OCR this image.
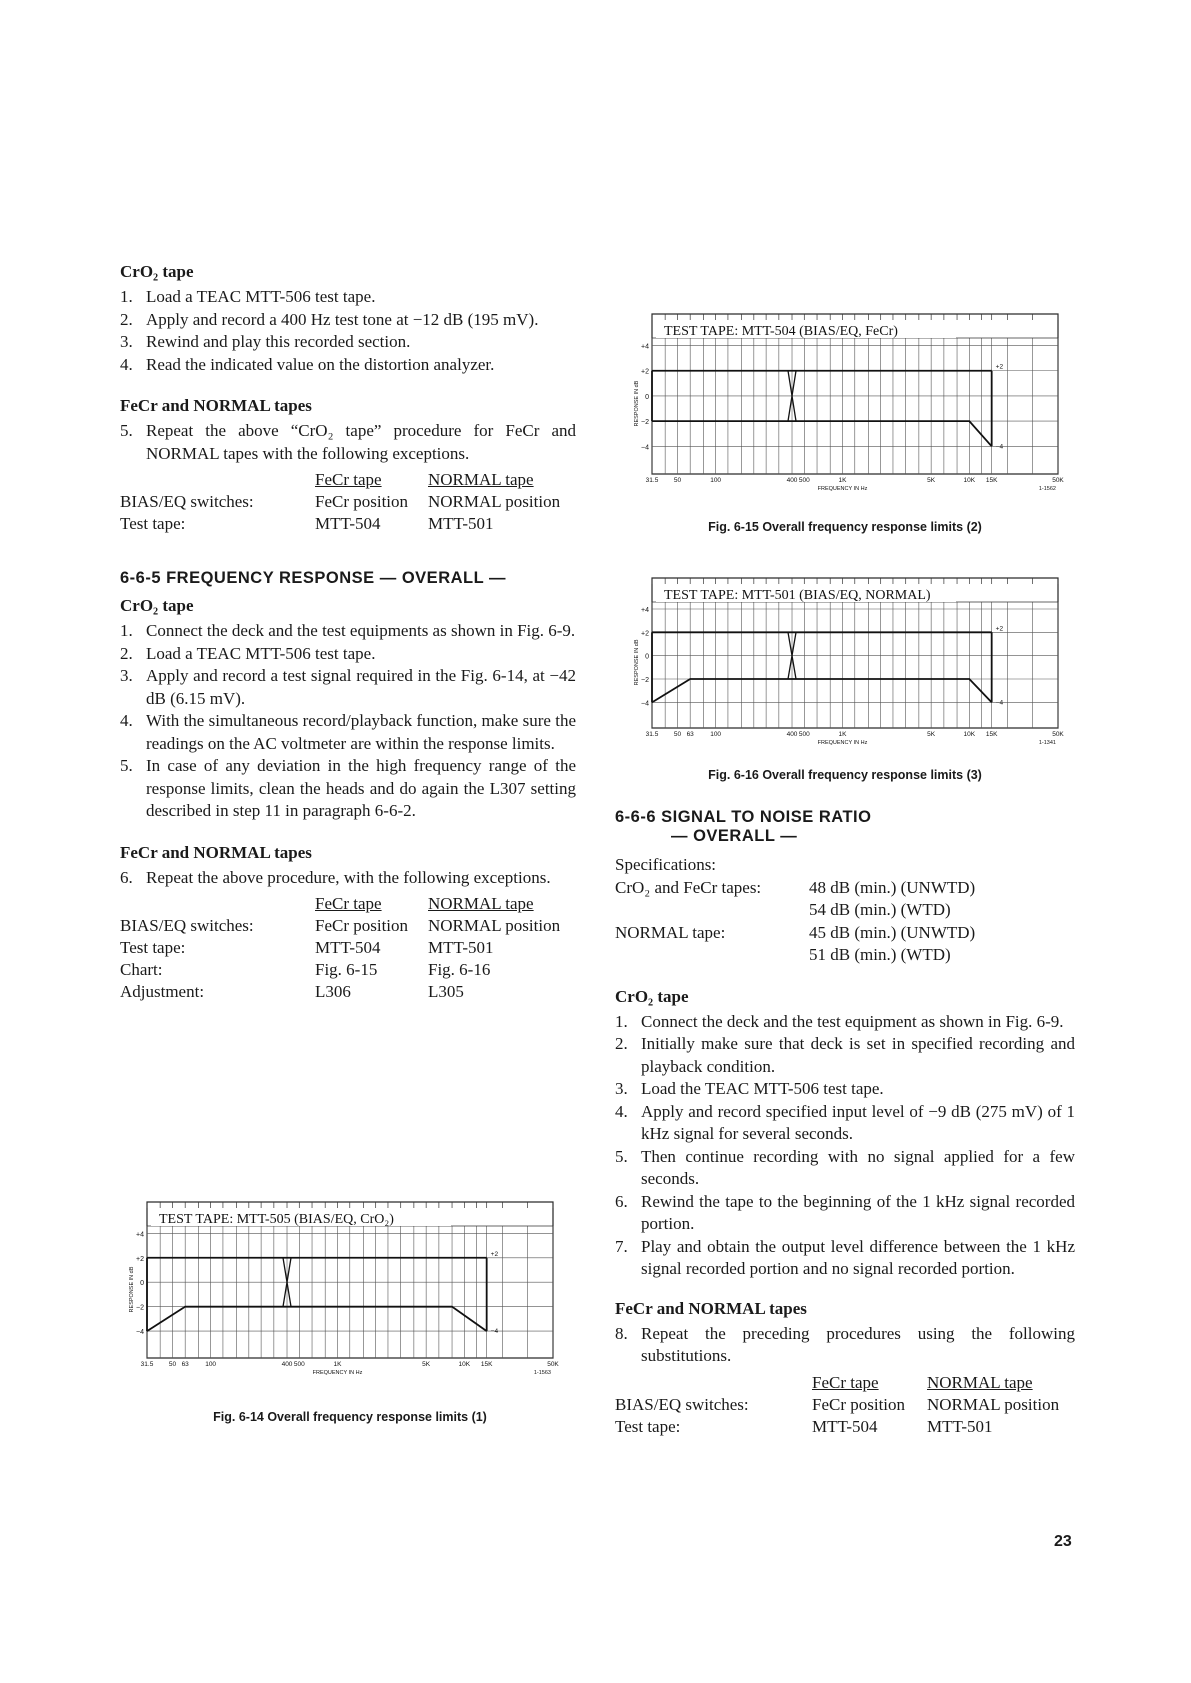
CrO₂ tape
1. Load a TEAC MTT-506 test tape.
2. Apply and record a 400 Hz test tone at −12 dB (195 mV).
3. Rewind and play this recorded section.
4. Read the indicated value on the distortion analyzer.
FeCr and NORMAL tapes
5. Repeat the above “CrO₂ tape” procedure for FeCr and NORMAL tapes with the following exceptions.
	FeCr tape	NORMAL tape
BIAS/EQ switches:	FeCr position	NORMAL position
Test tape:	MTT-504	MTT-501
6-6-5 FREQUENCY RESPONSE — OVERALL —
CrO₂ tape
1. Connect the deck and the test equipments as shown in Fig. 6-9.
2. Load a TEAC MTT-506 test tape.
3. Apply and record a test signal required in the Fig. 6-14, at −42 dB (6.15 mV).
4. With the simultaneous record/playback function, make sure the readings on the AC voltmeter are within the response limits.
5. In case of any deviation in the high frequency range of the response limits, clean the heads and do again the L307 setting described in step 11 in paragraph 6-6-2.
FeCr and NORMAL tapes
6. Repeat the above procedure, with the following exceptions.
	FeCr tape	NORMAL tape
BIAS/EQ switches:	FeCr position	NORMAL position
Test tape:	MTT-504	MTT-501
Chart:	Fig. 6-15	Fig. 6-16
Adjustment:	L306	L305
6-6-6 SIGNAL TO NOISE RATIO
— OVERALL —
Specifications:
CrO₂ and FeCr tapes:	48 dB (min.) (UNWTD)
	54 dB (min.) (WTD)
NORMAL tape:	45 dB (min.) (UNWTD)
	51 dB (min.) (WTD)
CrO₂ tape
1. Connect the deck and the test equipment as shown in Fig. 6-9.
2. Initially make sure that deck is set in specified recording and playback condition.
3. Load the TEAC MTT-506 test tape.
4. Apply and record specified input level of −9 dB (275 mV) of 1 kHz signal for several seconds.
5. Then continue recording with no signal applied for a few seconds.
6. Rewind the tape to the beginning of the 1 kHz signal recorded portion.
7. Play and obtain the output level difference between the 1 kHz signal recorded portion and no signal recorded portion.
FeCr and NORMAL tapes
8. Repeat the preceding procedures using the following substitutions.
	FeCr tape	NORMAL tape
BIAS/EQ switches:	FeCr position	NORMAL position
Test tape:	MTT-504	MTT-501
TEST TAPE: MTT-504 (BIAS/EQ, FeCr)
+4
+2
0
−2
−4
RESPONSE IN dB
31.5 50	100	400 500	1K	5K	10K 15K	50K
FREQUENCY IN Hz	1-1562
+2
−4
Fig. 6-15 Overall frequency response limits (2)
TEST TAPE: MTT-501 (BIAS/EQ, NORMAL)
+4
+2
0
−2
−4
RESPONSE IN dB
31.5 50 63	100	400 500	1K	5K	10K 15K	50K
FREQUENCY IN Hz	1-1341
+2
−4
Fig. 6-16 Overall frequency response limits (3)
TEST TAPE: MTT-505 (BIAS/EQ, CrO₂)
+4
+2
0
−2
−4
RESPONSE IN dB
31.5 50 63	100	400 500	1K	5K	10K 15K	50K
FREQUENCY IN Hz	1-1563
+2
−4
Fig. 6-14 Overall frequency response limits (1)
23
